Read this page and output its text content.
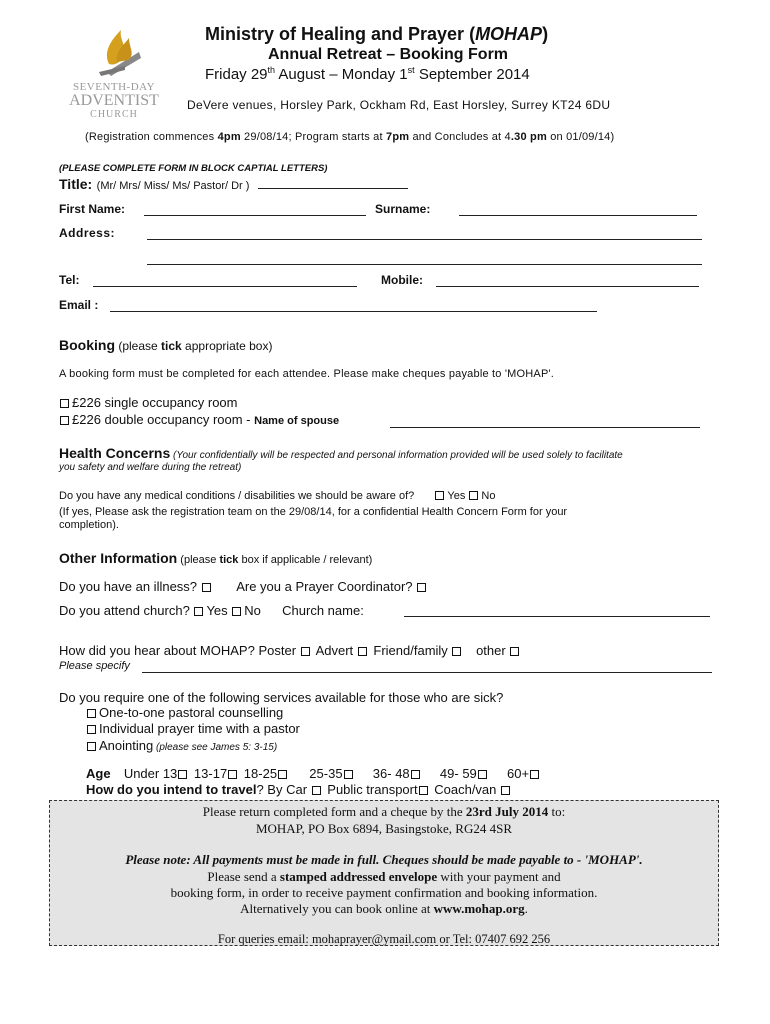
SEVENTH-DAY
ADVENTIST
CHURCH
Ministry of Healing and Prayer (MOHAP)
Annual Retreat – Booking Form
Friday 29th August – Monday 1st September 2014
DeVere venues, Horsley Park, Ockham Rd, East Horsley, Surrey KT24 6DU
(Registration commences 4pm 29/08/14; Program starts at 7pm and Concludes at 4.30 pm on 01/09/14)
(PLEASE COMPLETE FORM IN BLOCK CAPTIAL LETTERS)
Title: (Mr/ Mrs/ Miss/ Ms/ Pastor/ Dr )
First Name:	Surname:
Address:
Tel:	Mobile:
Email :
Booking (please tick appropriate box)
A booking form must be completed for each attendee. Please make cheques payable to 'MOHAP'.
£226 single occupancy room
£226 double occupancy room - Name of spouse
Health Concerns (Your confidentially will be respected and personal information provided will be used solely to facilitate
you safety and welfare during the retreat)
Do you have any medical conditions / disabilities we should be aware of?	Yes No
(If yes, Please ask the registration team on the 29/08/14, for a confidential Health Concern Form for your
completion).
Other Information (please tick box if applicable / relevant)
Do you have an illness?	Are you a Prayer Coordinator?
Do you attend church? Yes No Church name:
How did you hear about MOHAP? Poster Advert Friend/family other
Please specify
Do you require one of the following services available for those who are sick?
One-to-one pastoral counselling
Individual prayer time with a pastor
Anointing (please see James 5: 3-15)
Age Under 13 13-17 18-25 25-35 36- 48 49- 59 60+
How do you intend to travel? By Car Public transport Coach/van
Please return completed form and a cheque by the 23rd July 2014 to:
MOHAP, PO Box 6894, Basingstoke, RG24 4SR
Please note: All payments must be made in full. Cheques should be made payable to - 'MOHAP'.
Please send a stamped addressed envelope with your payment and
booking form, in order to receive payment confirmation and booking information.
Alternatively you can book online at www.mohap.org.
For queries email: mohaprayer@ymail.com or Tel: 07407 692 256
